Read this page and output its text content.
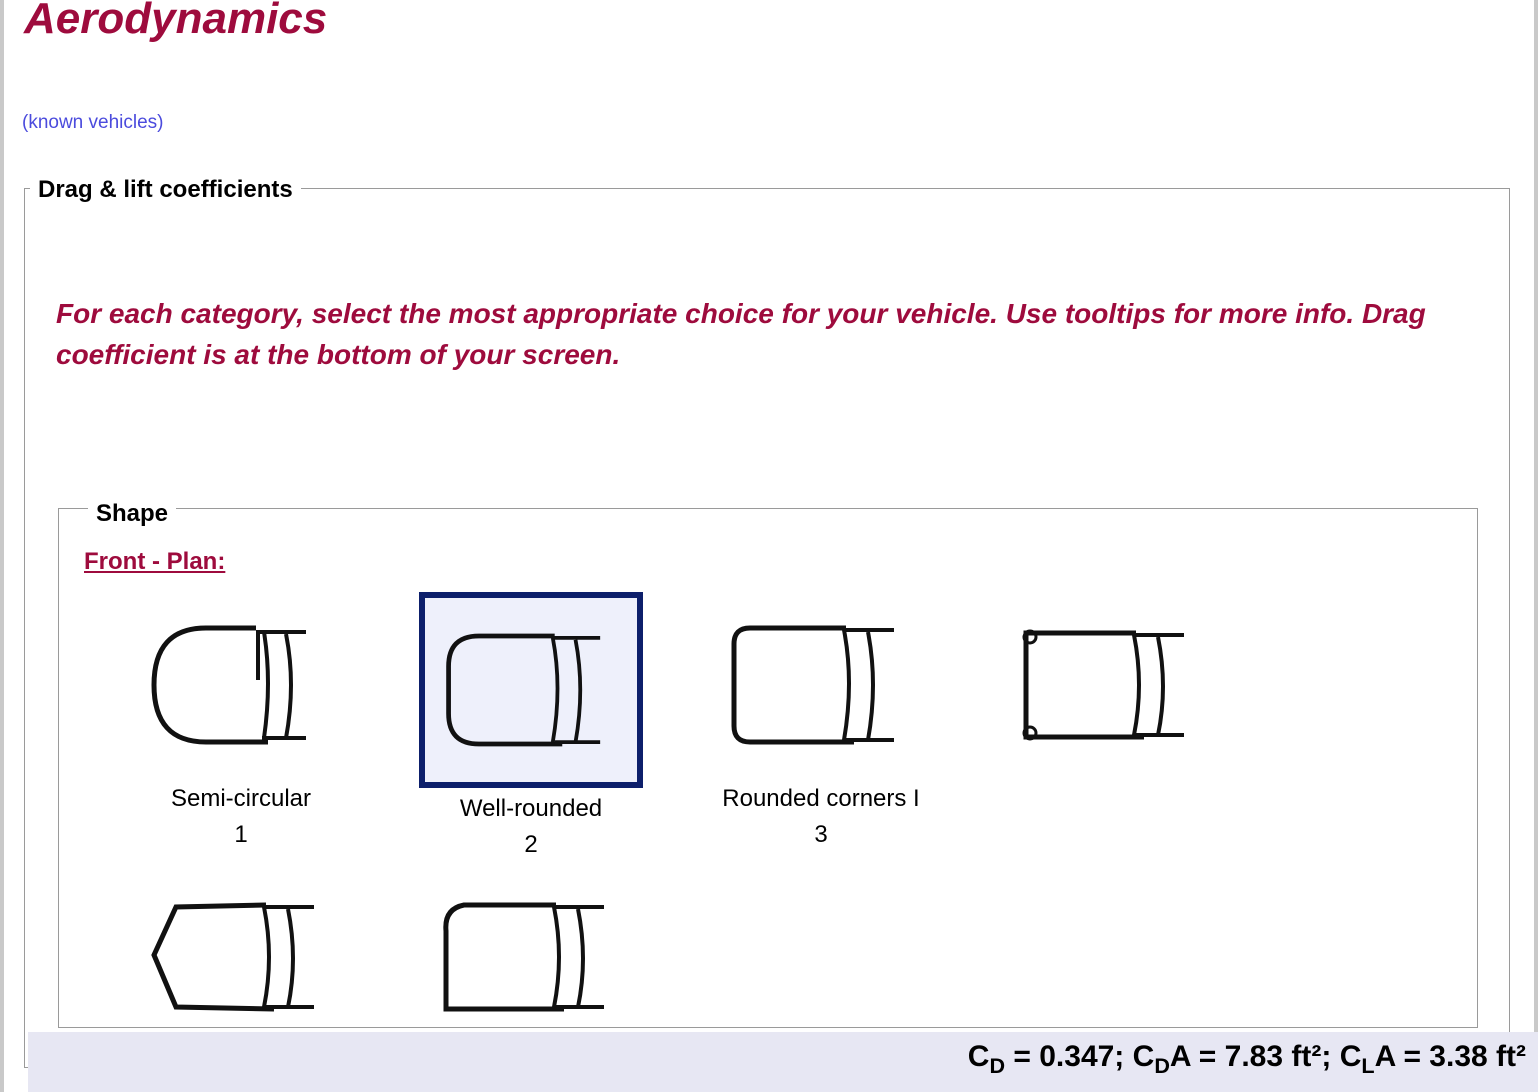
Aerodynamics
(known vehicles)
Drag & lift coefficients
For each category, select the most appropriate choice for your vehicle. Use tooltips for more info. Drag coefficient is at the bottom of your screen.
Shape
Front - Plan:
Semi-circular
1
Well-rounded
2
Rounded corners I
3
$C_D = 0.347$; $C_DA = 7.83$ ft²; $C_LA = 3.38$ ft²
